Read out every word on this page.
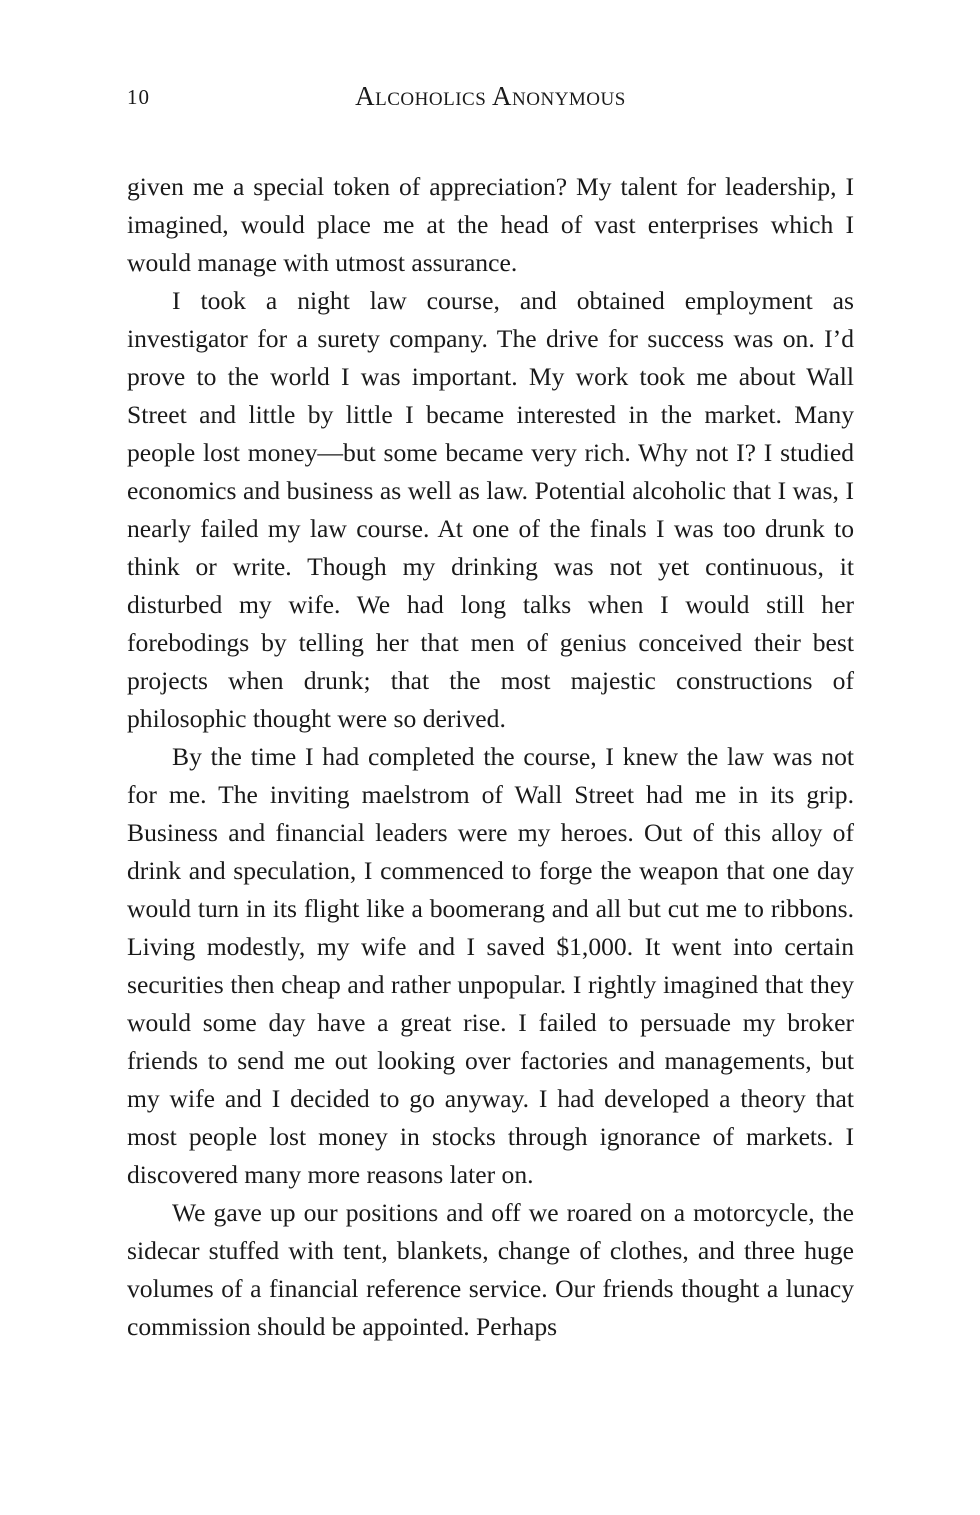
10	Alcoholics Anonymous

given me a special token of appreciation? My talent for leadership, I imagined, would place me at the head of vast enterprises which I would manage with utmost assurance.

I took a night law course, and obtained employment as investigator for a surety company. The drive for success was on. I’d prove to the world I was important. My work took me about Wall Street and little by little I became interested in the market. Many people lost money—but some became very rich. Why not I? I studied economics and business as well as law. Potential alcoholic that I was, I nearly failed my law course. At one of the finals I was too drunk to think or write. Though my drinking was not yet continuous, it disturbed my wife. We had long talks when I would still her forebodings by telling her that men of genius conceived their best projects when drunk; that the most majestic constructions of philosophic thought were so derived.

By the time I had completed the course, I knew the law was not for me. The inviting maelstrom of Wall Street had me in its grip. Business and financial leaders were my heroes. Out of this alloy of drink and speculation, I commenced to forge the weapon that one day would turn in its flight like a boomerang and all but cut me to ribbons. Living modestly, my wife and I saved $1,000. It went into certain securities then cheap and rather unpopular. I rightly imagined that they would some day have a great rise. I failed to persuade my broker friends to send me out looking over factories and managements, but my wife and I decided to go anyway. I had developed a theory that most people lost money in stocks through ignorance of markets. I discovered many more reasons later on.

We gave up our positions and off we roared on a motorcycle, the sidecar stuffed with tent, blankets, change of clothes, and three huge volumes of a financial reference service. Our friends thought a lunacy commission should be appointed. Perhaps
